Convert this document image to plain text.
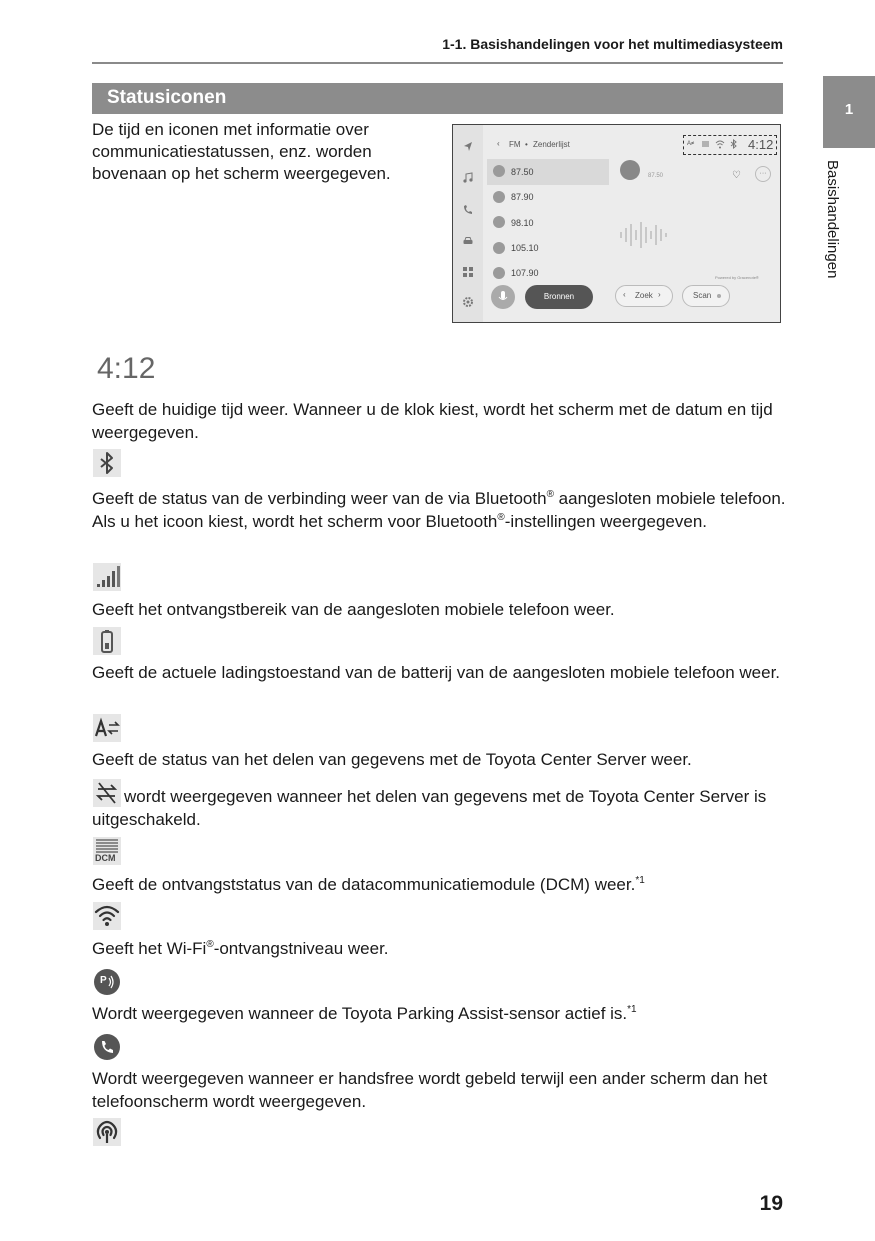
1-1. Basishandelingen voor het multimediasysteem
Statusiconen
1
Basishandelingen
De tijd en iconen met informatie over communicatiestatussen, enz. worden bovenaan op het scherm weergegeven.
‹ FM • Zenderlijst
87.50
87.90
98.10
105.10
107.90
Bronnen
87.50	♡	···
Powered by Gracenote®
‹ Zoek ›	Scan
A≠	4:12
4:12
Geeft de huidige tijd weer. Wanneer u de klok kiest, wordt het scherm met de datum en tijd weergegeven.
Geeft de status van de verbinding weer van de via Bluetooth® aangesloten mobiele telefoon. Als u het icoon kiest, wordt het scherm voor Bluetooth®-instellingen weergegeven.
Geeft het ontvangstbereik van de aangesloten mobiele telefoon weer.
Geeft de actuele ladingstoestand van de batterij van de aangesloten mobiele telefoon weer.
Geeft de status van het delen van gegevens met de Toyota Center Server weer.
wordt weergegeven wanneer het delen van gegevens met de Toyota Center Server is uitgeschakeld.
DCM
Geeft de ontvangststatus van de datacommunicatiemodule (DCM) weer.$^{*1}$
Geeft het Wi-Fi®-ontvangstniveau weer.
P
Wordt weergegeven wanneer de Toyota Parking Assist-sensor actief is.$^{*1}$
Wordt weergegeven wanneer er handsfree wordt gebeld terwijl een ander scherm dan het telefoonscherm wordt weergegeven.
19
